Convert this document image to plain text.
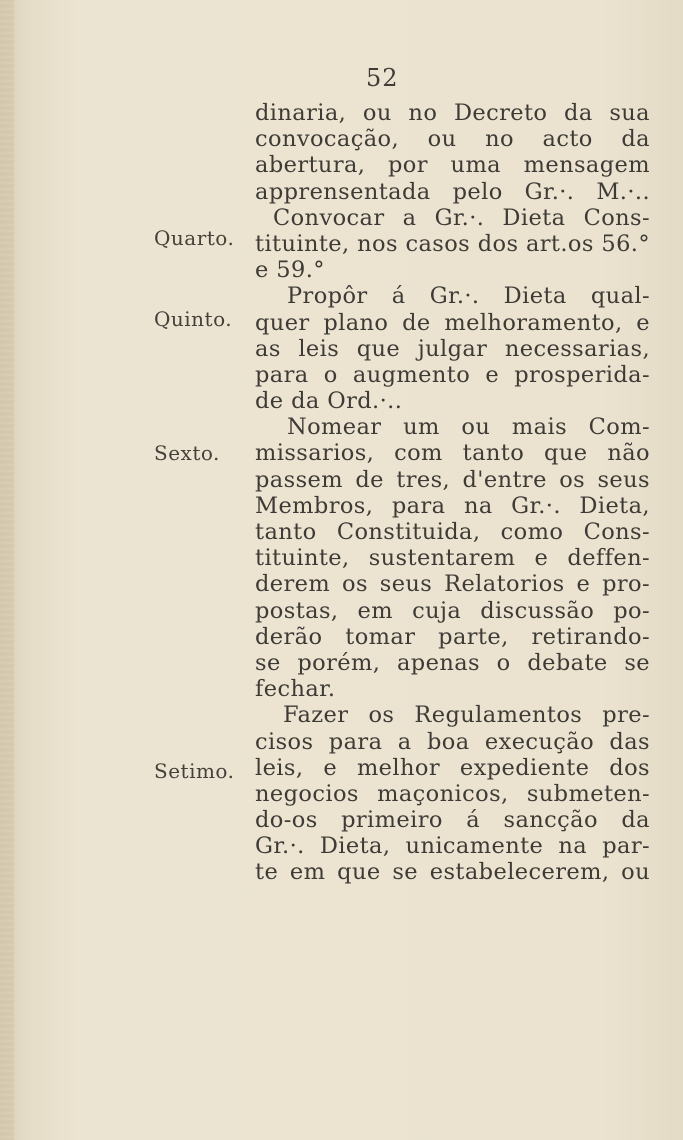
52
Quarto.
Quinto.
Sexto.
Setimo.
dinaria, ou no Decreto da sua
convocação, ou no acto da
abertura, por uma mensagem
apprensentada pelo Gr.·. M.·..
Convocar a Gr.·. Dieta Cons-
tituinte, nos casos dos art.os 56.°
e 59.°
Propôr á Gr.·. Dieta qual-
quer plano de melhoramento, e
as leis que julgar necessarias,
para o augmento e prosperida-
de da Ord.·..
Nomear um ou mais Com-
missarios, com tanto que não
passem de tres, d'entre os seus
Membros, para na Gr.·. Dieta,
tanto Constituida, como Cons-
tituinte, sustentarem e deffen-
derem os seus Relatorios e pro-
postas, em cuja discussão po-
derão tomar parte, retirando-
se porém, apenas o debate se
fechar.
Fazer os Regulamentos pre-
cisos para a boa execução das
leis, e melhor expediente dos
negocios maçonicos, submeten-
do-os primeiro á sancção da
Gr.·. Dieta, unicamente na par-
te em que se estabelecerem, ou
